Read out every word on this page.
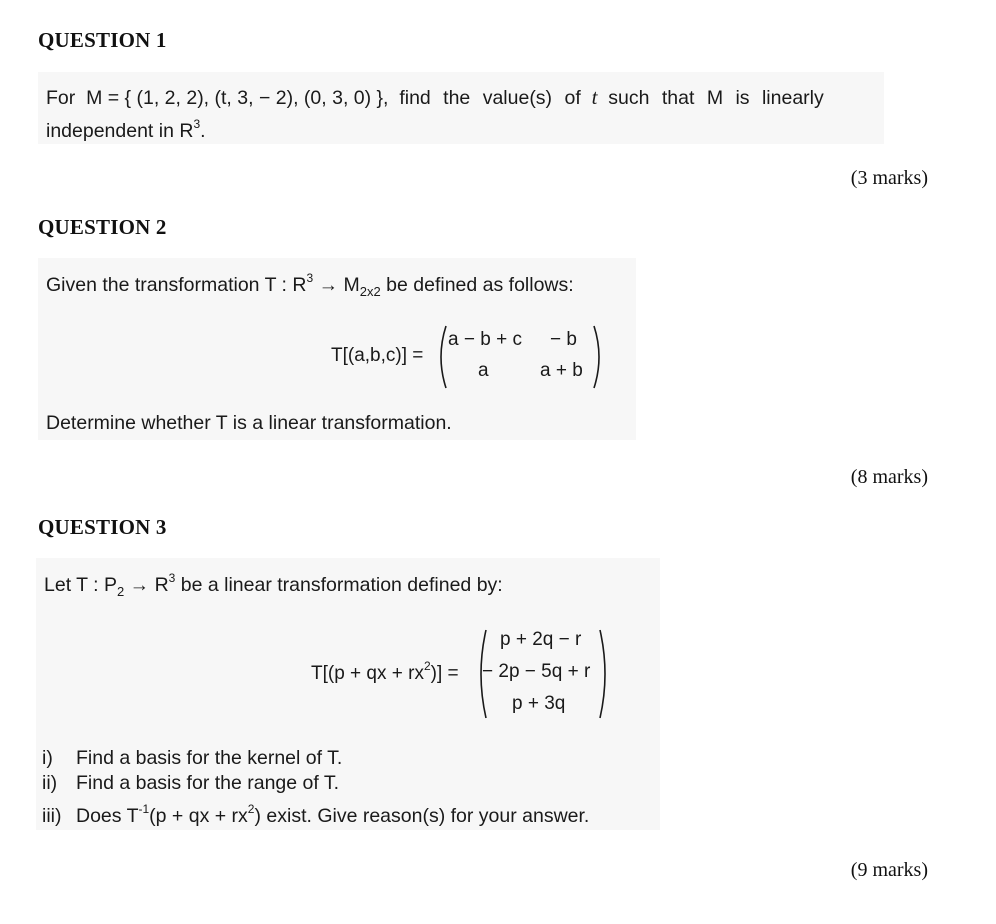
QUESTION 1
For M = { (1, 2, 2), (t, 3, − 2), (0, 3, 0) }, find the value(s) of t such that M is linearly
independent in $R^3$.
(3 marks)
QUESTION 2
Given the transformation T : $R^3 \to M_{2x2}$ be defined as follows:
T[(a,b,c)] =
a − b + c − b
a	a + b
Determine whether T is a linear transformation.
(8 marks)
QUESTION 3
Let T : $P_2 \to R^3$ be a linear transformation defined by:
T[(p + qx + $rx^2$)] =
p + 2q − r
− 2p − 5q + r
p + 3q
i) Find a basis for the kernel of T.
ii) Find a basis for the range of T.
iii) Does $T^{-1}(p$ + qx + $rx^2$) exist. Give reason(s) for your answer.
(9 marks)
